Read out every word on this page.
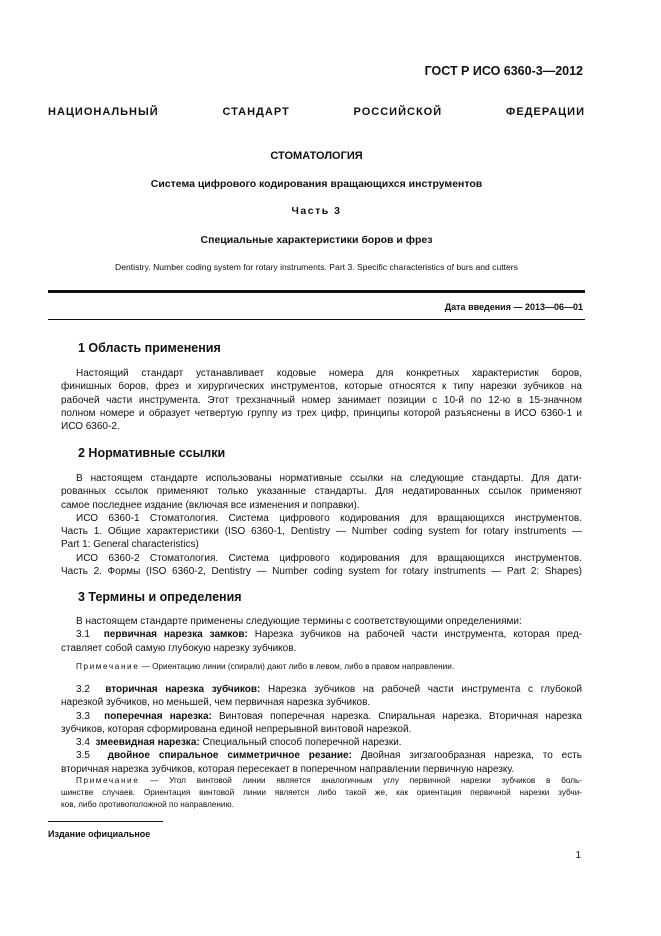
ГОСТ Р ИСО 6360-3—2012
НАЦИОНАЛЬНЫЙ СТАНДАРТ РОССИЙСКОЙ ФЕДЕРАЦИИ
СТОМАТОЛОГИЯ
Система цифрового кодирования вращающихся инструментов
Часть 3
Специальные характеристики боров и фрез
Dentistry. Number coding system for rotary instruments. Part 3. Specific characteristics of burs and cutters
Дата введения — 2013—06—01
1 Область применения
Настоящий стандарт устанавливает кодовые номера для конкретных характеристик боров,
финишных боров, фрез и хирургических инструментов, которые относятся к типу нарезки зубчиков на
рабочей части инструмента. Этот трехзначный номер занимает позиции с 10-й по 12-ю в 15-значном
полном номере и образует четвертую группу из трех цифр, принципы которой разъяснены в ИСО 6360-1 и
ИСО 6360-2.
2 Нормативные ссылки
В настоящем стандарте использованы нормативные ссылки на следующие стандарты. Для дати-
рованных ссылок применяют только указанные стандарты. Для недатированных ссылок применяют
самое последнее издание (включая все изменения и поправки).
ИСО 6360-1 Стоматология. Система цифрового кодирования для вращающихся инструментов.
Часть 1. Общие характеристики (ISO 6360-1, Dentistry — Number coding system for rotary instruments —
Part 1: General characteristics)
ИСО 6360-2 Стоматология. Система цифрового кодирования для вращающихся инструментов.
Часть 2. Формы (ISO 6360-2, Dentistry — Number coding system for rotary instruments — Part 2: Shapes)
3 Термины и определения
В настоящем стандарте применены следующие термины с соответствующими определениями:
3.1 первичная нарезка замков: Нарезка зубчиков на рабочей части инструмента, которая пред-
ставляет собой самую глубокую нарезку зубчиков.
Примечание — Ориентацию линии (спирали) дают либо в левом, либо в правом направлении.
3.2 вторичная нарезка зубчиков: Нарезка зубчиков на рабочей части инструмента с глубокой
нарезкой зубчиков, но меньшей, чем первичная нарезка зубчиков.
3.3 поперечная нарезка: Винтовая поперечная нарезка. Спиральная нарезка. Вторичная нарезка
зубчиков, которая сформирована единой непрерывной винтовой нарезкой.
3.4 змеевидная нарезка: Специальный способ поперечной нарезки.
3.5 двойное спиральное симметричное резание: Двойная зигзагообразная нарезка, то есть
вторичная нарезка зубчиков, которая пересекает в поперечном направлении первичную нарезку.
Примечание — Угол винтовой линии является аналогичным углу первичной нарезки зубчиков в боль-
шинстве случаев. Ориентация винтовой линии является либо такой же, как ориентация первичной нарезки зубчи-
ков, либо противоположной по направлению.
Издание официальное
1
